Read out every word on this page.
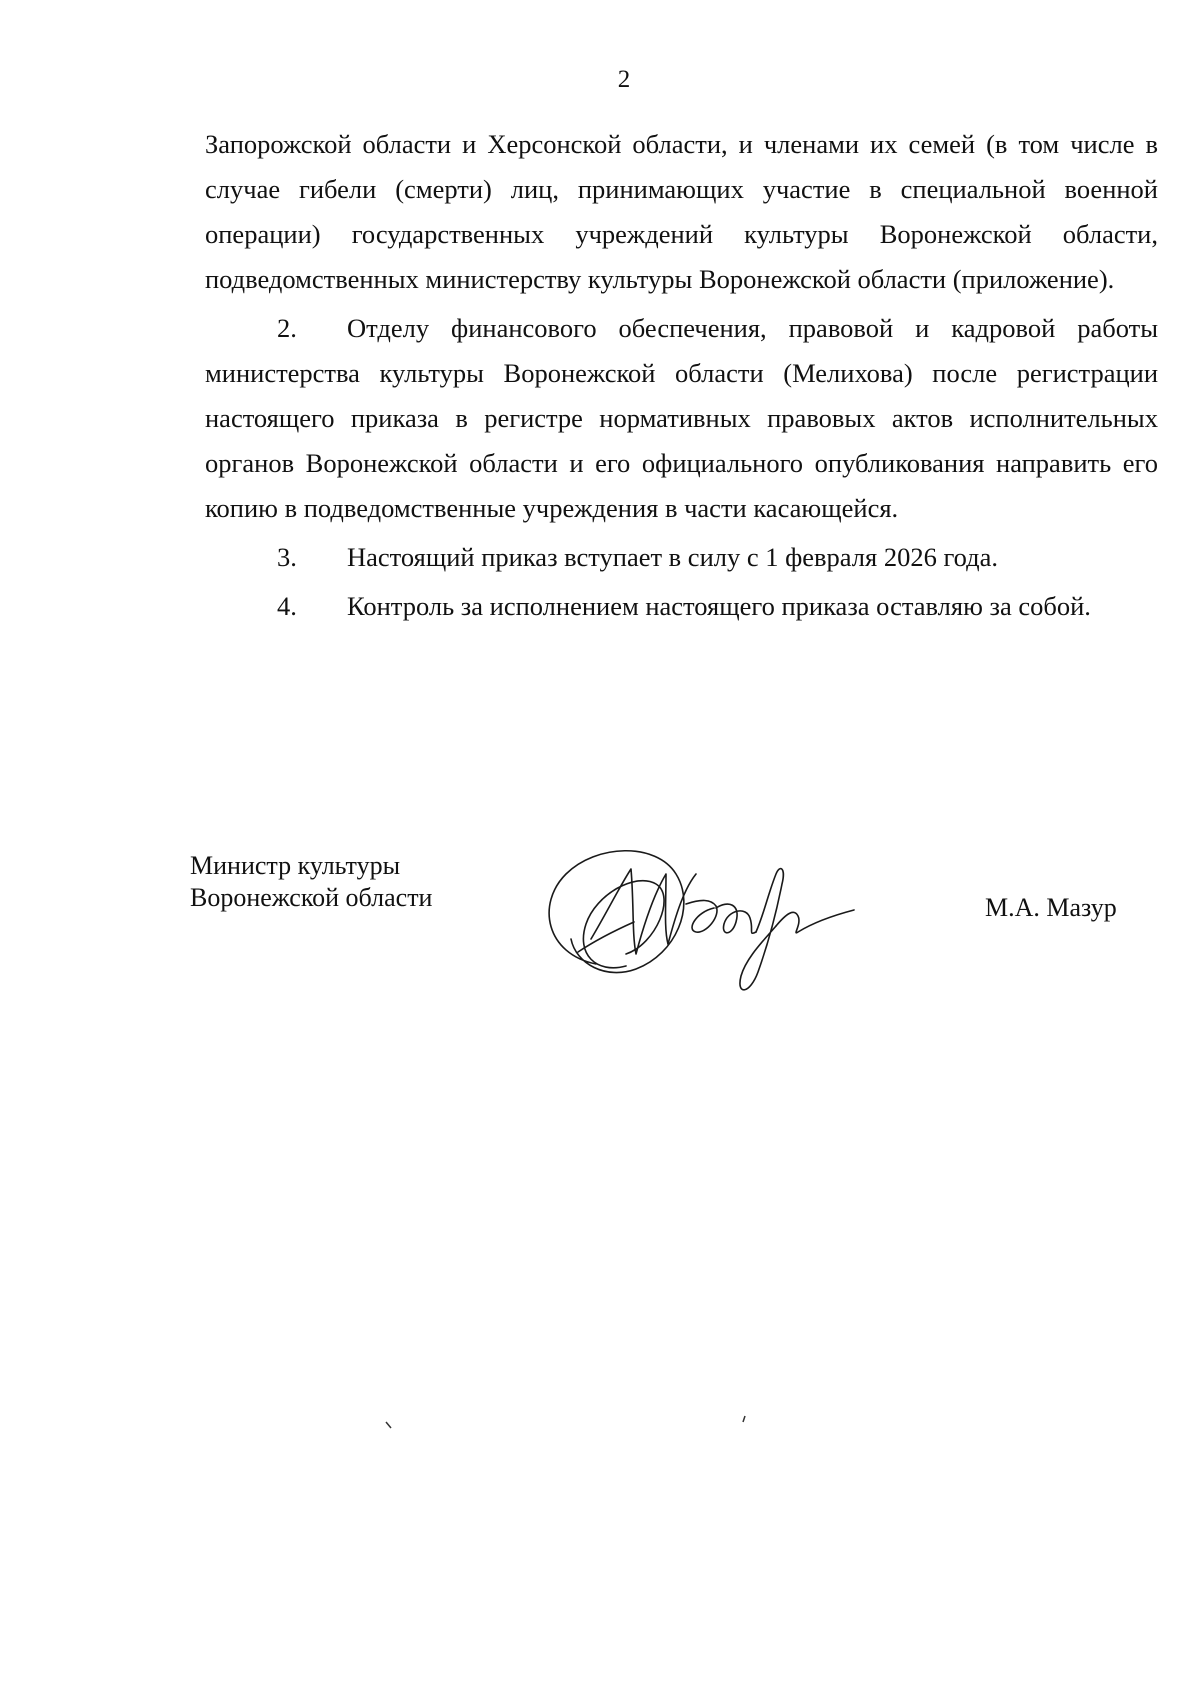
2

Запорожской области и Херсонской области, и членами их семей (в том числе в случае гибели (смерти) лиц, принимающих участие в специальной военной операции) государственных учреждений культуры Воронежской области, подведомственных министерству культуры Воронежской области (приложение).

2. Отделу финансового обеспечения, правовой и кадровой работы министерства культуры Воронежской области (Мелихова) после регистрации настоящего приказа в регистре нормативных правовых актов исполнительных органов Воронежской области и его официального опубликования направить его копию в подведомственные учреждения в части касающейся.

3. Настоящий приказ вступает в силу с 1 февраля 2026 года.

4. Контроль за исполнением настоящего приказа оставляю за собой.

Министр культуры
Воронежской области	М.А. Мазур
